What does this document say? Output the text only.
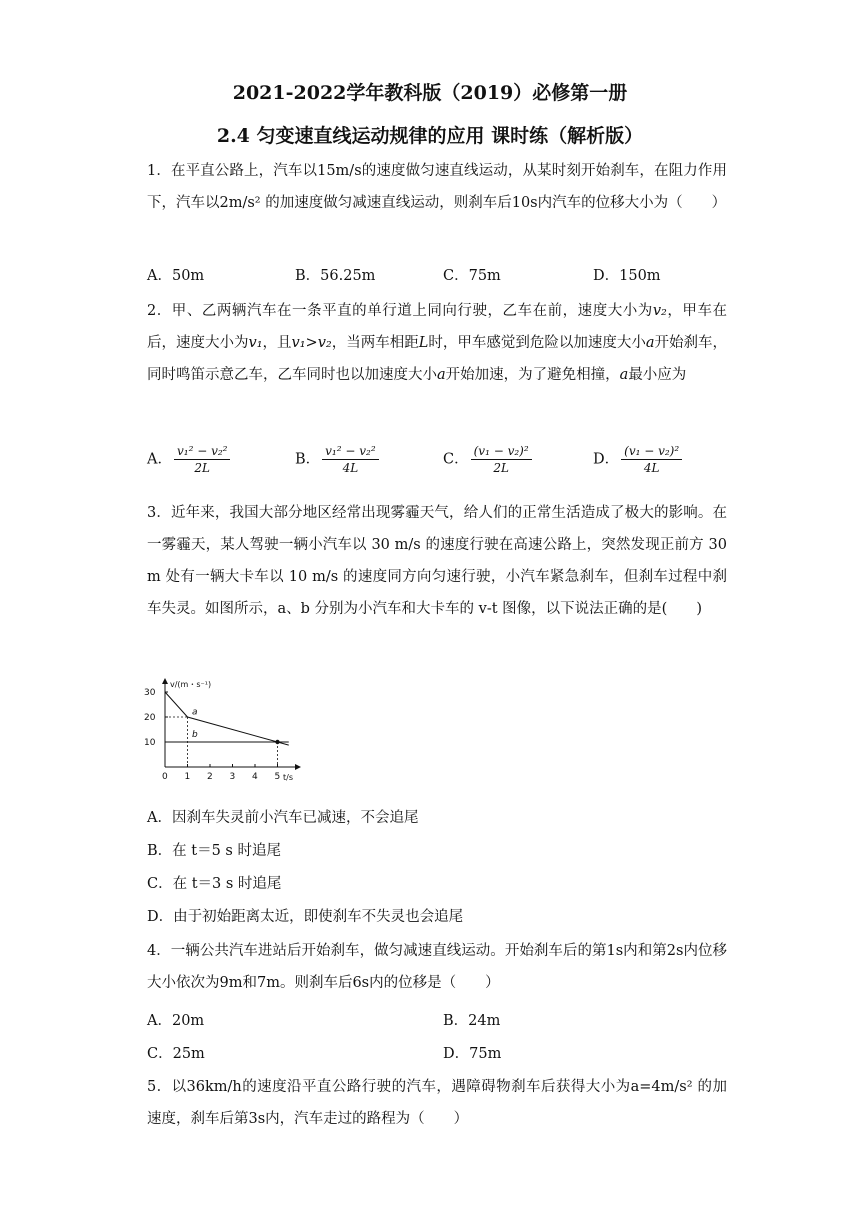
2021-2022学年教科版（2019）必修第一册
2.4 匀变速直线运动规律的应用 课时练（解析版）

1．在平直公路上，汽车以15m/s的速度做匀速直线运动，从某时刻开始刹车，在阻力作用下，汽车以2m/s² 的加速度做匀减速直线运动，则刹车后10s内汽车的位移大小为（　　）

A．50m	B．56.25m	C．75m	D．150m

2．甲、乙两辆汽车在一条平直的单行道上同向行驶，乙车在前，速度大小为v₂，甲车在后，速度大小为v₁，且v₁>v₂，当两车相距L时，甲车感觉到危险以加速度大小a开始刹车，同时鸣笛示意乙车，乙车同时也以加速度大小a开始加速，为了避免相撞，a最小应为

A． $\frac{\text{v₁² − v₂²}}{2L}$	B． $\frac{\text{v₁² − v₂²}}{4L}$	C． $\frac{\text{(v₁ − v₂)²}}{2L}$	D． $\frac{\text{(v₁ − v₂)²}}{4L}$

3．近年来，我国大部分地区经常出现雾霾天气，给人们的正常生活造成了极大的影响。在一雾霾天，某人驾驶一辆小汽车以 30 m/s 的速度行驶在高速公路上，突然发现正前方 30 m 处有一辆大卡车以 10 m/s 的速度同方向匀速行驶，小汽车紧急刹车，但刹车过程中刹车失灵。如图所示，a、b 分别为小汽车和大卡车的 v-t 图像，以下说法正确的是(　　)

v/(m・s⁻¹)
t/s
30
20
10
0 1 2 3 4 5
a
b
A．因刹车失灵前小汽车已减速，不会追尾
B．在 t＝5 s 时追尾
C．在 t＝3 s 时追尾
D．由于初始距离太近，即使刹车不失灵也会追尾

4．一辆公共汽车进站后开始刹车，做匀减速直线运动。开始刹车后的第1s内和第2s内位移大小依次为9m和7m。则刹车后6s内的位移是（　　）

A．20m	B．24m
C．25m	D．75m

5．以36km/h的速度沿平直公路行驶的汽车，遇障碍物刹车后获得大小为a=4m/s² 的加速度，刹车后第3s内，汽车走过的路程为（　　）
